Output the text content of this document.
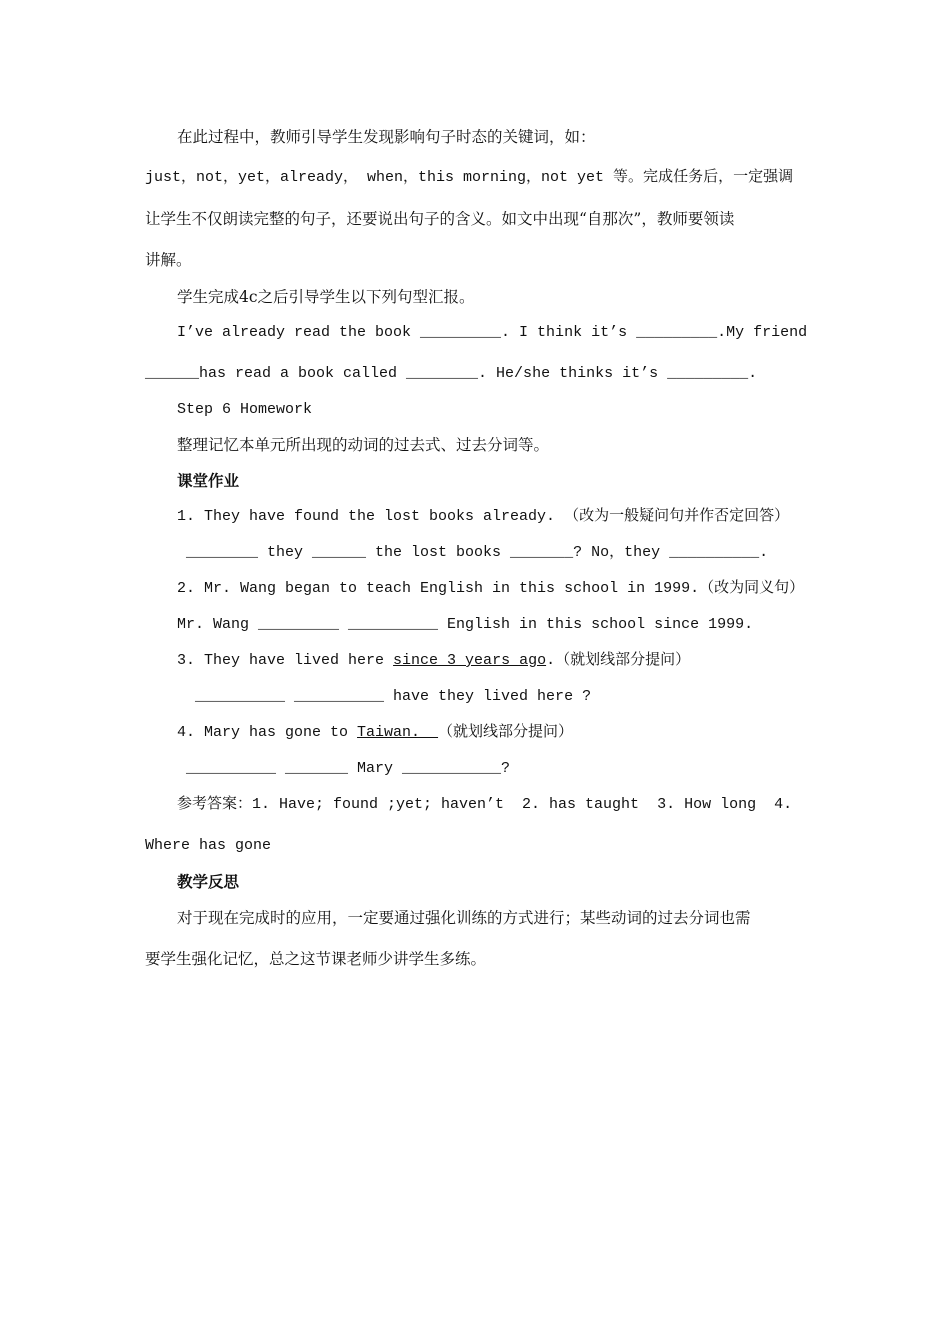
在此过程中，教师引导学生发现影响句子时态的关键词，如：
just，not，yet，already， when，this morning，not yet 等。完成任务后，一定强调
让学生不仅朗读完整的句子，还要说出句子的含义。如文中出现“自那次”，教师要领读
讲解。
学生完成4c之后引导学生以下列句型汇报。
I’ve already read the book _________. I think it’s _________.My friend
______has read a book called ________. He/she thinks it’s _________.
Step 6 Homework
整理记忆本单元所出现的动词的过去式、过去分词等。
课堂作业
1. They have found the lost books already. （改为一般疑问句并作否定回答）
________ they ______ the lost books _______? No，they __________.
2. Mr. Wang began to teach English in this school in 1999.（改为同义句）
Mr. Wang _________ __________ English in this school since 1999.
3. They have lived here since 3 years ago.（就划线部分提问）
__________ __________ have they lived here ?
4. Mary has gone to Taiwan.  （就划线部分提问）
__________ _______ Mary ___________?
参考答案：1. Have; found ;yet; haven’t  2. has taught  3. How long  4.
Where has gone
教学反思
对于现在完成时的应用，一定要通过强化训练的方式进行；某些动词的过去分词也需
要学生强化记忆，总之这节课老师少讲学生多练。
